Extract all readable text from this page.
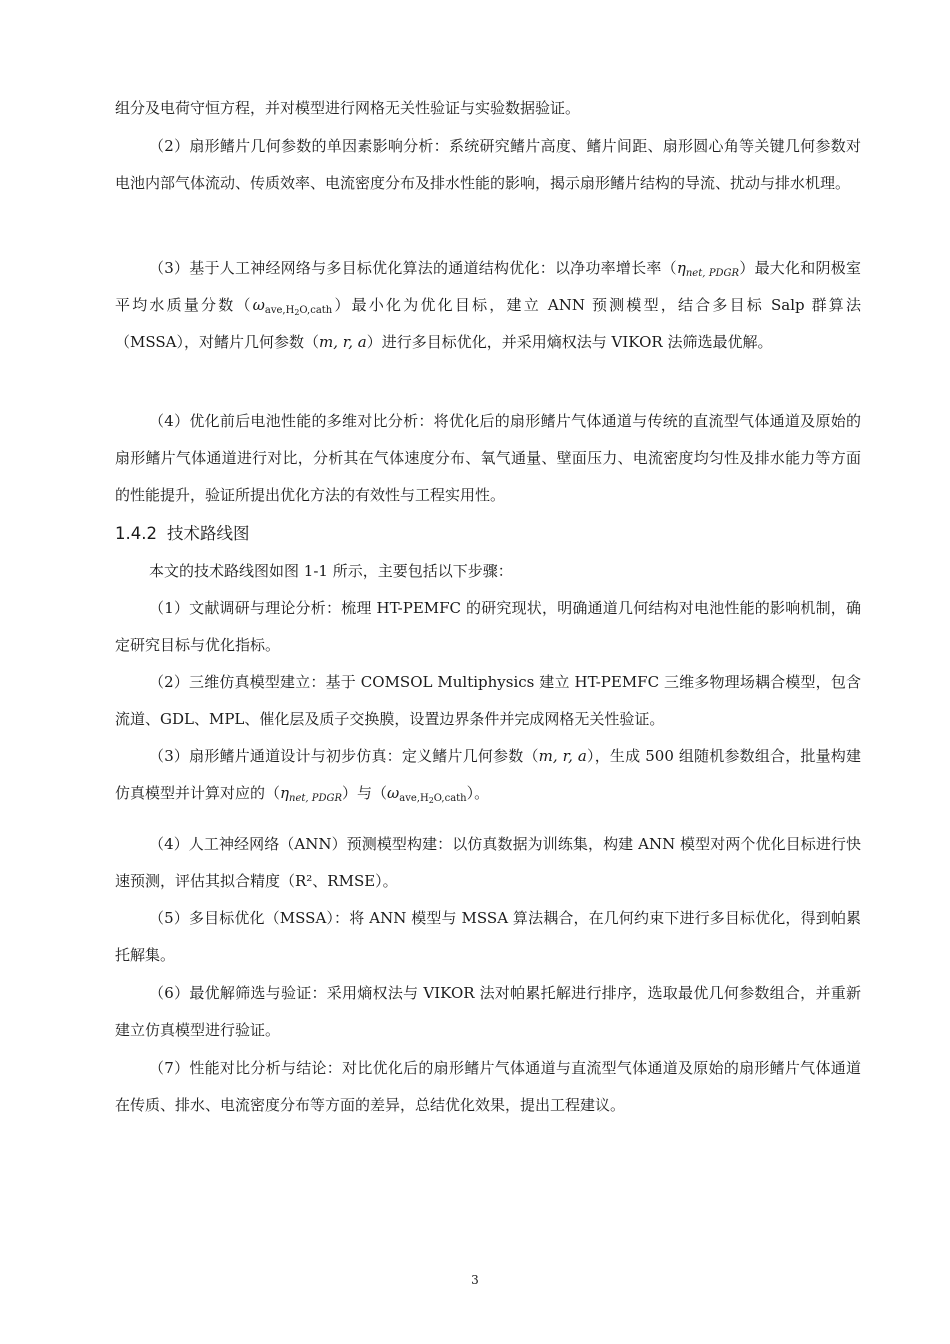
组分及电荷守恒方程，并对模型进行网格无关性验证与实验数据验证。

（2）扇形鳍片几何参数的单因素影响分析：系统研究鳍片高度、鳍片间距、扇形圆心角等关键几何参数对电池内部气体流动、传质效率、电流密度分布及排水性能的影响，揭示扇形鳍片结构的导流、扰动与排水机理。

（3）基于人工神经网络与多目标优化算法的通道结构优化：以净功率增长率$(\eta_{net, PDGR})$最大化和阴极室平均水质量分数$(\omega_{ave,H_2O,cath})$最小化为优化目标，建立 ANN 预测模型，结合多目标 Salp 群算法（MSSA），对鳍片几何参数（m, r, a）进行多目标优化，并采用熵权法与 VIKOR 法筛选最优解。

（4）优化前后电池性能的多维对比分析：将优化后的扇形鳍片气体通道与传统的直流型气体通道及原始的扇形鳍片气体通道进行对比，分析其在气体速度分布、氧气通量、壁面压力、电流密度均匀性及排水能力等方面的性能提升，验证所提出优化方法的有效性与工程实用性。

1.4.2 技术路线图

本文的技术路线图如图 1-1 所示，主要包括以下步骤：

（1）文献调研与理论分析：梳理 HT-PEMFC 的研究现状，明确通道几何结构对电池性能的影响机制，确定研究目标与优化指标。

（2）三维仿真模型建立：基于 COMSOL Multiphysics 建立 HT-PEMFC 三维多物理场耦合模型，包含流道、GDL、MPL、催化层及质子交换膜，设置边界条件并完成网格无关性验证。

（3）扇形鳍片通道设计与初步仿真：定义鳍片几何参数（m, r, a），生成 500 组随机参数组合，批量构建仿真模型并计算对应的$(\eta_{net, PDGR})$与$(\omega_{ave,H_2O,cath})$。

（4）人工神经网络（ANN）预测模型构建：以仿真数据为训练集，构建 ANN 模型对两个优化目标进行快速预测，评估其拟合精度（R²、RMSE）。

（5）多目标优化（MSSA）：将 ANN 模型与 MSSA 算法耦合，在几何约束下进行多目标优化，得到帕累托解集。

（6）最优解筛选与验证：采用熵权法与 VIKOR 法对帕累托解进行排序，选取最优几何参数组合，并重新建立仿真模型进行验证。

（7）性能对比分析与结论：对比优化后的扇形鳍片气体通道与直流型气体通道及原始的扇形鳍片气体通道在传质、排水、电流密度分布等方面的差异，总结优化效果，提出工程建议。

3
